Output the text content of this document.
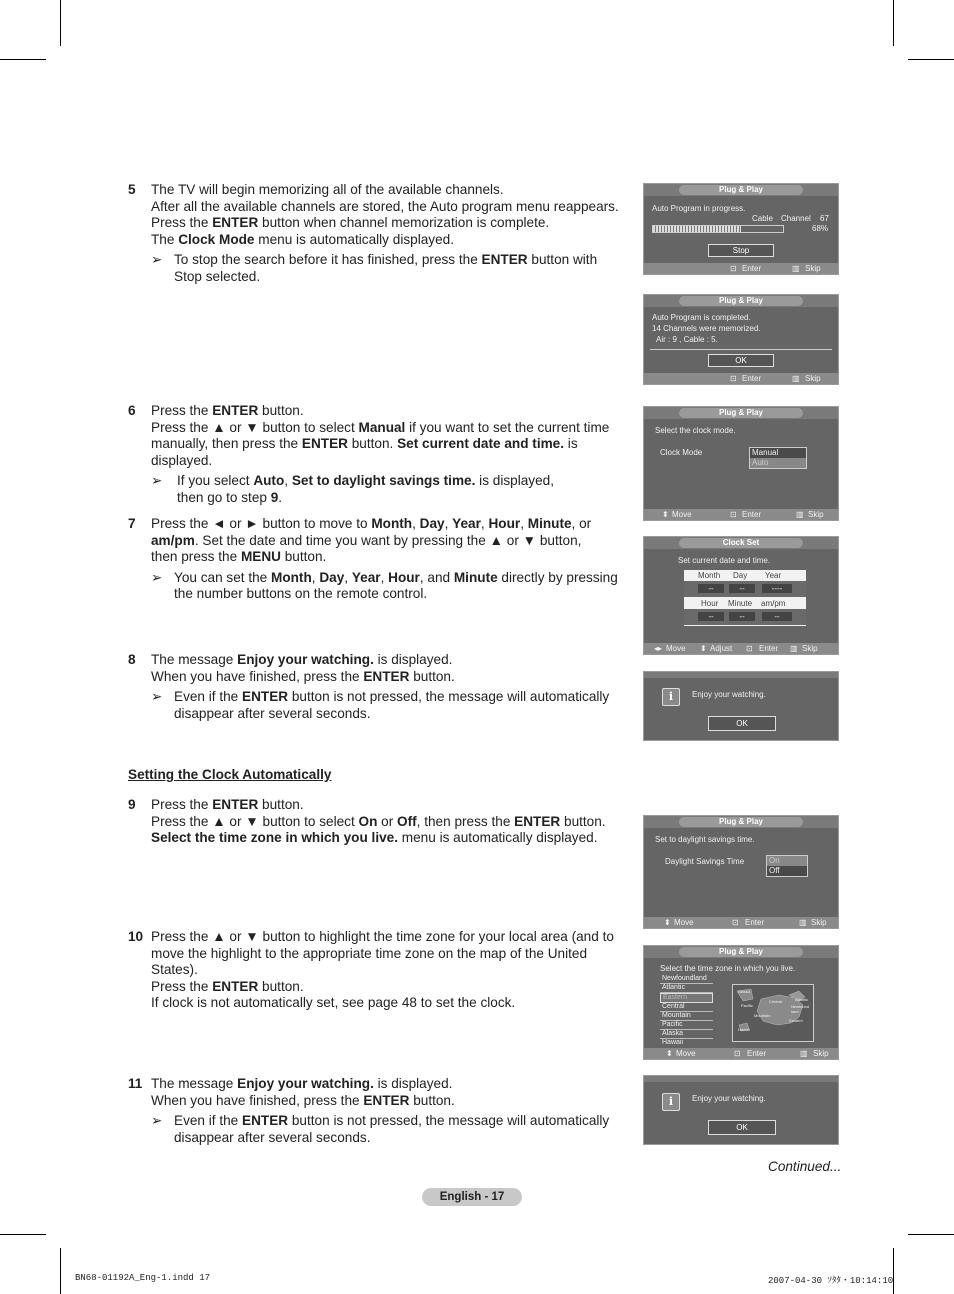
5 The TV will begin memorizing all of the available channels.
After all the available channels are stored, the Auto program menu reappears.
Press the ENTER button when channel memorization is complete.
The Clock Mode menu is automatically displayed.
➢ To stop the search before it has finished, press the ENTER button with Stop selected.
6 Press the ENTER button.
Press the ▲ or ▼ button to select Manual if you want to set the current time manually, then press the ENTER button. Set current date and time. is displayed.
➢ If you select Auto, Set to daylight savings time. is displayed,
then go to step 9.
7 Press the ◄ or ► button to move to Month, Day, Year, Hour, Minute, or
am/pm. Set the date and time you want by pressing the ▲ or ▼ button,
then press the MENU button.
➢ You can set the Month, Day, Year, Hour, and Minute directly by pressing the number buttons on the remote control.
8 The message Enjoy your watching. is displayed.
When you have finished, press the ENTER button.
➢ Even if the ENTER button is not pressed, the message will automatically disappear after several seconds.
Setting the Clock Automatically
9 Press the ENTER button.
Press the ▲ or ▼ button to select On or Off, then press the ENTER button. Select the time zone in which you live. menu is automatically displayed.
10 Press the ▲ or ▼ button to highlight the time zone for your local area (and to move the highlight to the appropriate time zone on the map of the United States).
Press the ENTER button.
If clock is not automatically set, see page 48 to set the clock.
11 The message Enjoy your watching. is displayed.
When you have finished, press the ENTER button.
➢ Even if the ENTER button is not pressed, the message will automatically disappear after several seconds.
Continued...
English - 17
BN68-01192A_Eng-1.indd 17	2007-04-30 ｿﾀﾀ・10:14:10
Plug & Play
Auto Program in progress.
Cable Channel 67
68%
Stop
⊡ Enter	▥ Skip
Plug & Play
Auto Program is completed.
14 Channels were memorized.
Air : 9 , Cable : 5.
OK
⊡ Enter	▥ Skip
Plug & Play
Select the clock mode.
Clock Mode	Manual
Auto
⬍ Move	⊡ Enter	▥ Skip
Clock Set
Set current date and time.
Month Day Year
--	--	----
Hour Minute am/pm
--	--	--
◂▸ Move ⬍ Adjust ⊡ Enter ▥ Skip
i	Enjoy your watching.
OK
Plug & Play
Set to daylight savings time.
Daylight Savings Time	On
Off
⬍ Move	⊡ Enter	▥ Skip
Plug & Play
Select the time zone in which you live.
Newfoundland
Atlantic
Eastern
Central
Mountain
Pacific
Alaska
Hawaii
Alaska
Pacific
Mountain
Central	Atlantic
Newfound land
Eastern
Hawaii
⬍ Move	⊡ Enter	▥ Skip
i	Enjoy your watching.
OK
